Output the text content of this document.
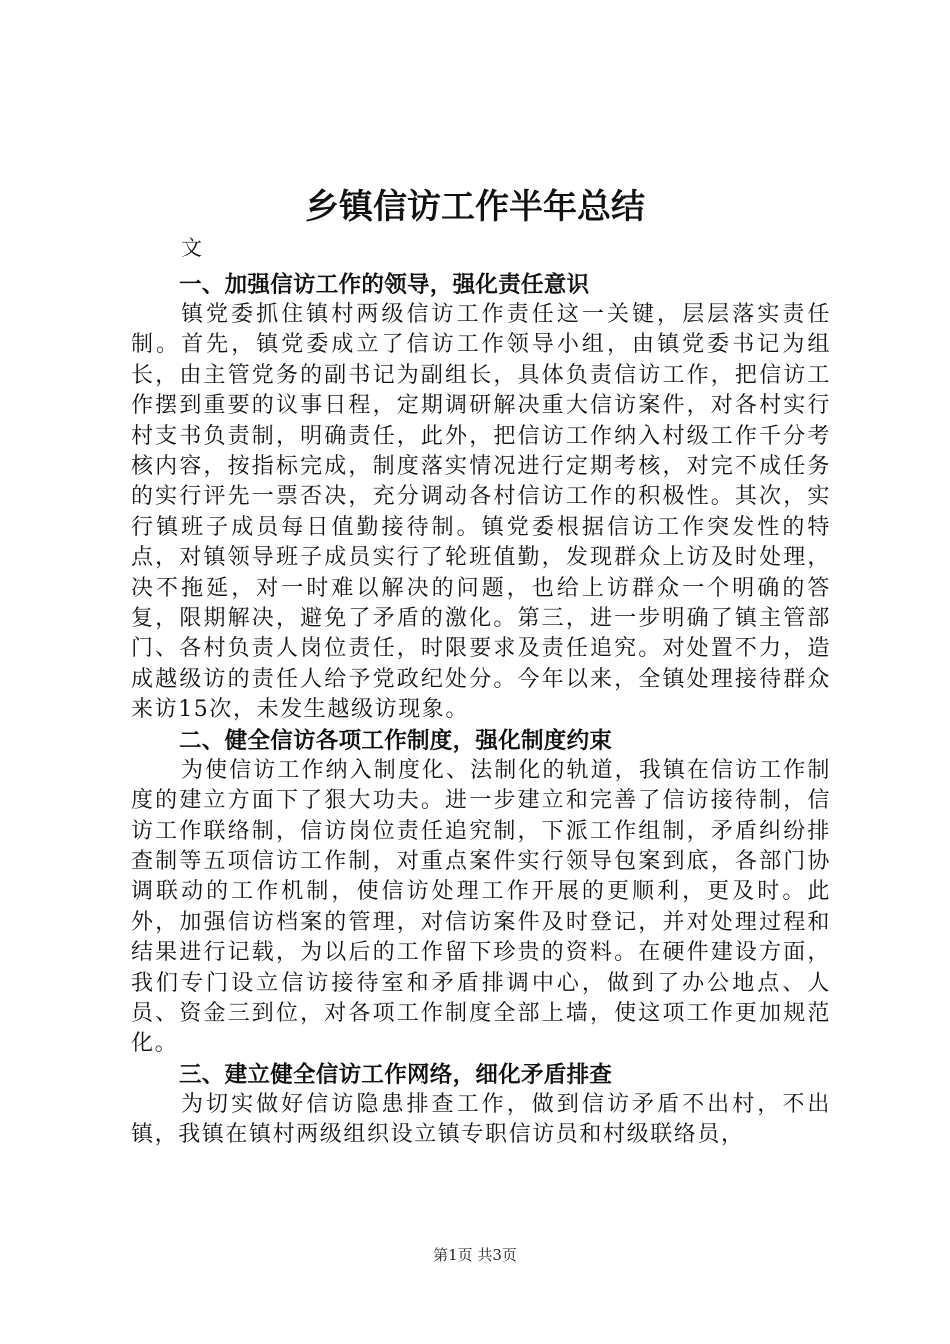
乡镇信访工作半年总结

文

一、加强信访工作的领导，强化责任意识

镇党委抓住镇村两级信访工作责任这一关键，层层落实责任制。首先，镇党委成立了信访工作领导小组，由镇党委书记为组长，由主管党务的副书记为副组长，具体负责信访工作，把信访工作摆到重要的议事日程，定期调研解决重大信访案件，对各村实行村支书负责制，明确责任，此外，把信访工作纳入村级工作千分考核内容，按指标完成，制度落实情况进行定期考核，对完不成任务的实行评先一票否决，充分调动各村信访工作的积极性。其次，实行镇班子成员每日值勤接待制。镇党委根据信访工作突发性的特点，对镇领导班子成员实行了轮班值勤，发现群众上访及时处理，决不拖延，对一时难以解决的问题，也给上访群众一个明确的答复，限期解决，避免了矛盾的激化。第三，进一步明确了镇主管部门、各村负责人岗位责任，时限要求及责任追究。对处置不力，造成越级访的责任人给予党政纪处分。今年以来，全镇处理接待群众来访15次，未发生越级访现象。

二、健全信访各项工作制度，强化制度约束

为使信访工作纳入制度化、法制化的轨道，我镇在信访工作制度的建立方面下了狠大功夫。进一步建立和完善了信访接待制，信访工作联络制，信访岗位责任追究制，下派工作组制，矛盾纠纷排查制等五项信访工作制，对重点案件实行领导包案到底，各部门协调联动的工作机制，使信访处理工作开展的更顺利，更及时。此外，加强信访档案的管理，对信访案件及时登记，并对处理过程和结果进行记载，为以后的工作留下珍贵的资料。在硬件建设方面，我们专门设立信访接待室和矛盾排调中心，做到了办公地点、人员、资金三到位，对各项工作制度全部上墙，使这项工作更加规范化。

三、建立健全信访工作网络，细化矛盾排查

为切实做好信访隐患排查工作，做到信访矛盾不出村，不出镇，我镇在镇村两级组织设立镇专职信访员和村级联络员，

第1页 共3页
